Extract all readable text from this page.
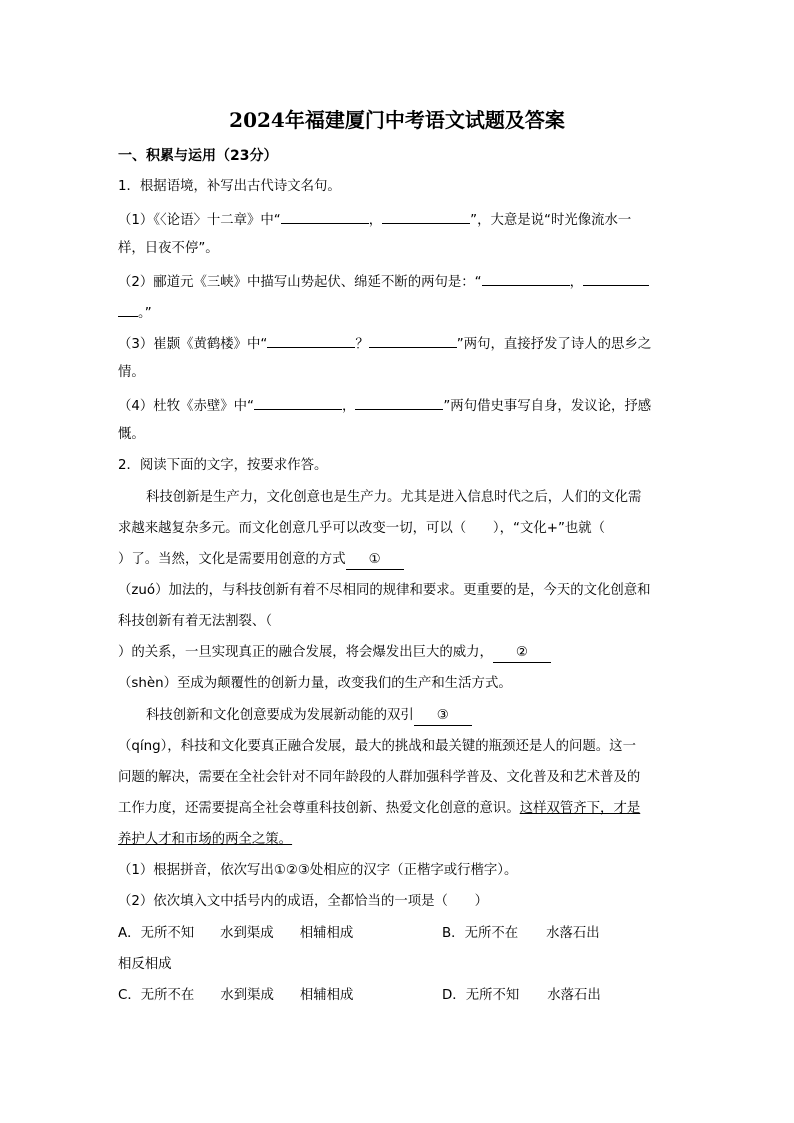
2024年福建厦门中考语文试题及答案
一、积累与运用（23分）
1．根据语境，补写出古代诗文名句。
（1）《〈论语〉十二章》中“	，	”，大意是说“时光像流水一
样，日夜不停”。
（2）郦道元《三峡》中描写山势起伏、绵延不断的两句是：“	，
。”
（3）崔颢《黄鹤楼》中“	？	”两句，直接抒发了诗人的思乡之
情。
（4）杜牧《赤壁》中“	，	”两句借史事写自身，发议论，抒感
慨。
2．阅读下面的文字，按要求作答。
科技创新是生产力，文化创意也是生产力。尤其是进入信息时代之后，人们的文化需
求越来越复杂多元。而文化创意几乎可以改变一切，可以（　　），“文化+”也就（
）了。当然，文化是需要用创意的方式 ①
（zuó）加法的，与科技创新有着不尽相同的规律和要求。更重要的是，今天的文化创意和
科技创新有着无法割裂、（
）的关系，一旦实现真正的融合发展，将会爆发出巨大的威力， ②
（shèn）至成为颠覆性的创新力量，改变我们的生产和生活方式。
科技创新和文化创意要成为发展新动能的双引 ③
（qíng），科技和文化要真正融合发展，最大的挑战和最关键的瓶颈还是人的问题。这一
问题的解决，需要在全社会针对不同年龄段的人群加强科学普及、文化普及和艺术普及的
工作力度，还需要提高全社会尊重科技创新、热爱文化创意的意识。这样双管齐下，才是
养护人才和市场的两全之策。
（1）根据拼音，依次写出①②③处相应的汉字（正楷字或行楷字）。
（2）依次填入文中括号内的成语，全都恰当的一项是（　　）
A．无所不知 水到渠成 相辅相成	B．无所不在 水落石出
相反相成
C．无所不在 水到渠成 相辅相成	D．无所不知 水落石出
